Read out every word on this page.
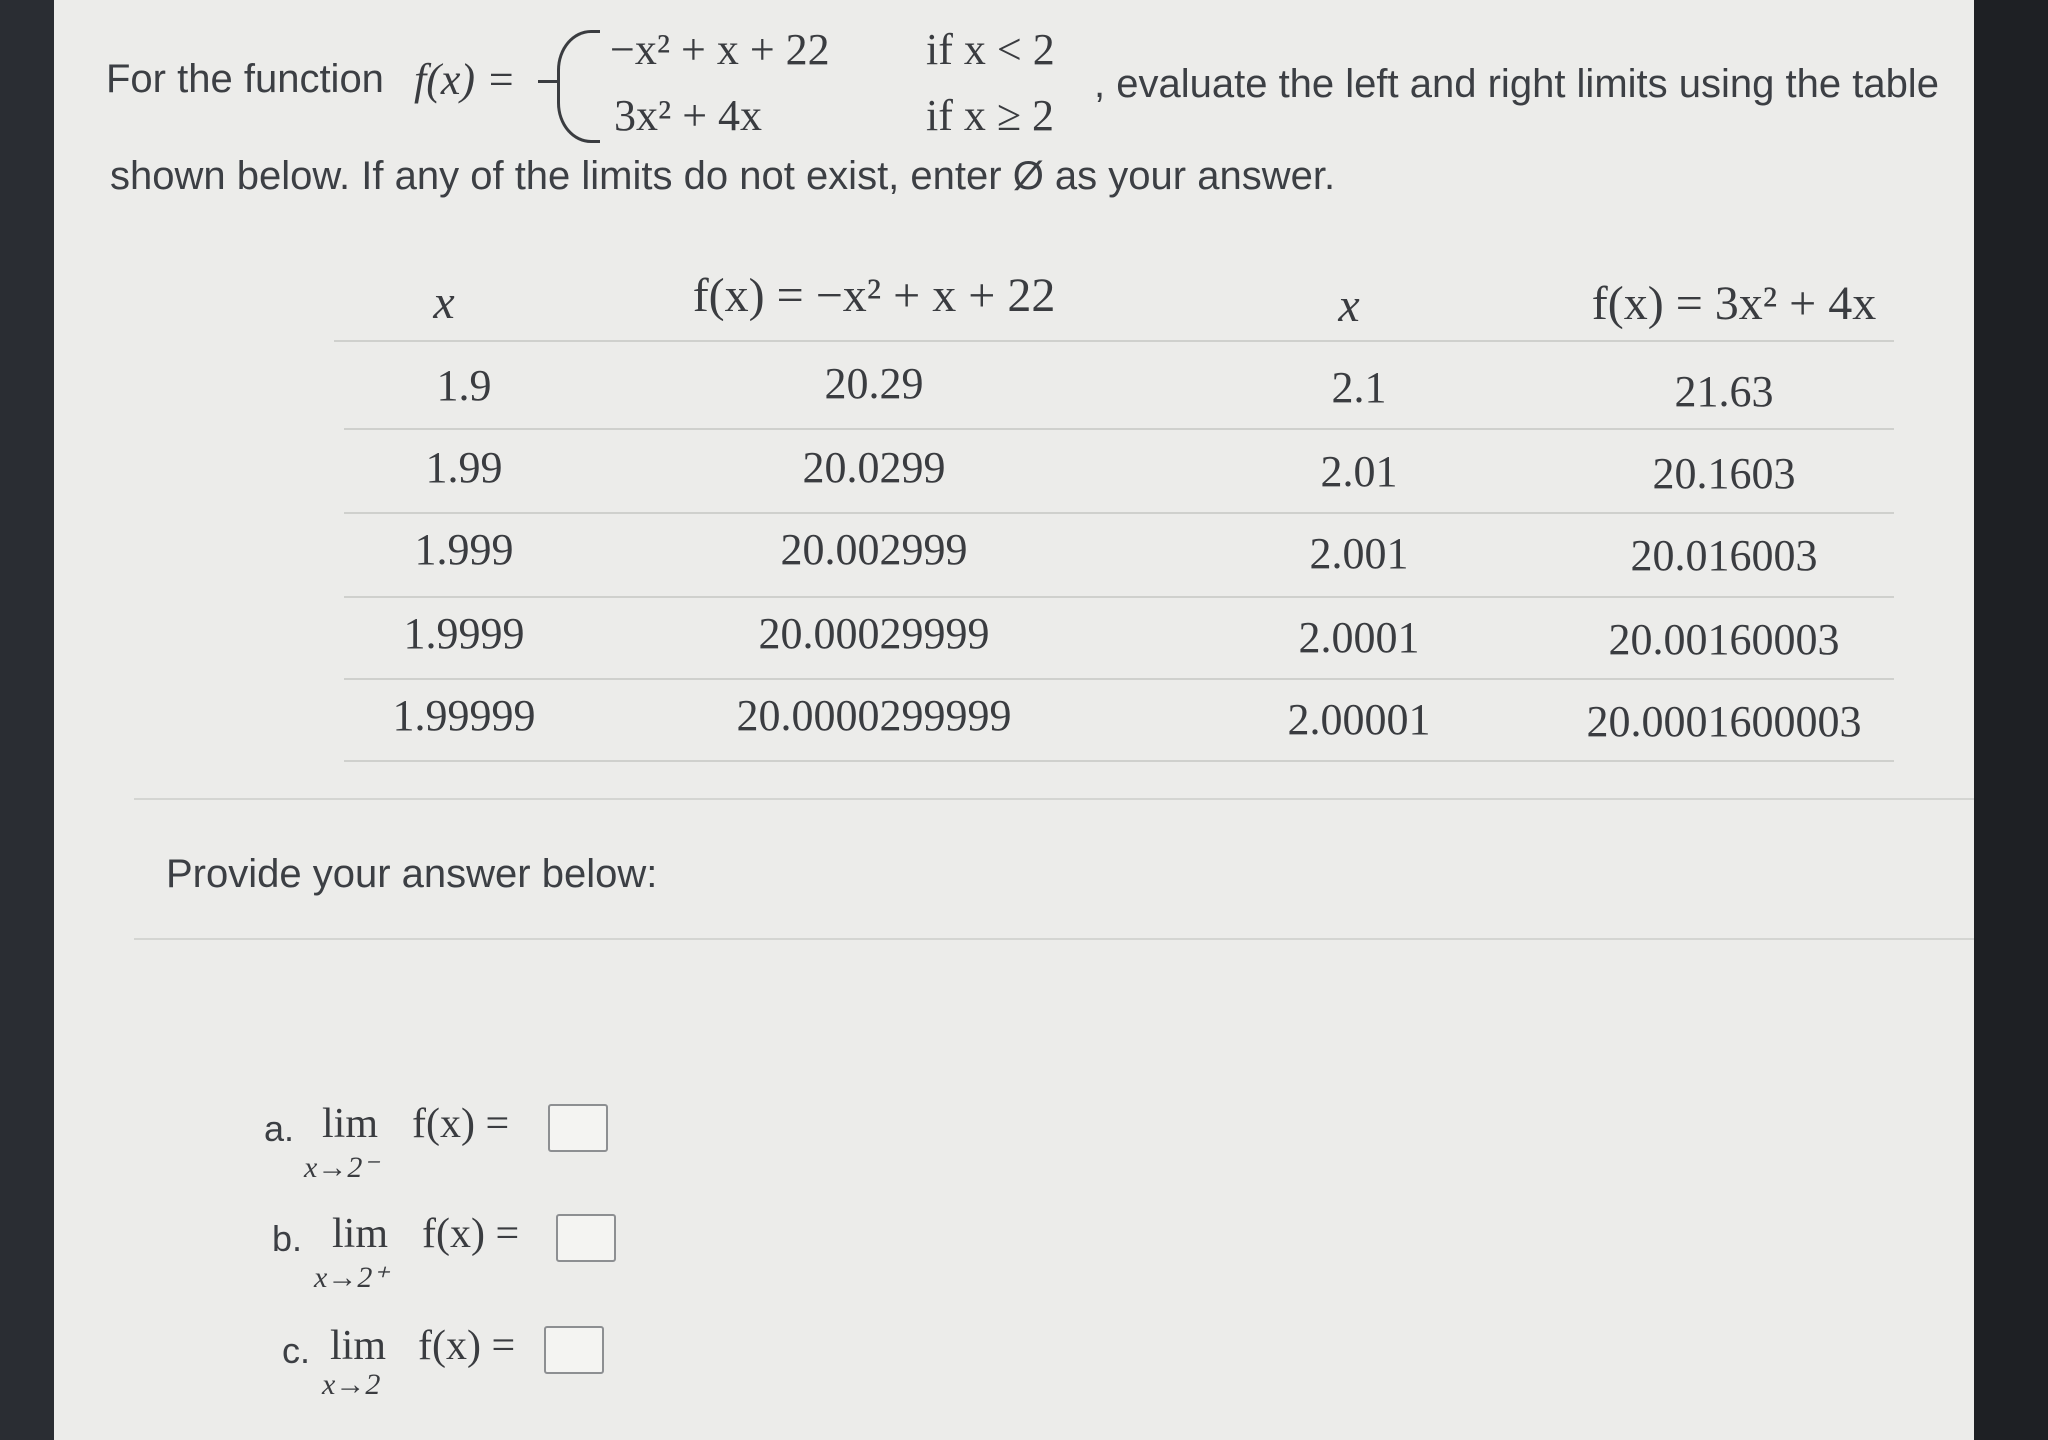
For the function f(x) =
−x² + x + 22 if x < 2
3x² + 4x	if x ≥ 2
, evaluate the left and right limits using the table
shown below. If any of the limits do not exist, enter Ø as your answer.
x	f(x) = −x² + x + 22	x	f(x) = 3x² + 4x
1.9	20.29	2.1	21.63
1.99	20.0299	2.01	20.1603
1.999	20.002999	2.001	20.016003
1.9999	20.00029999	2.0001	20.00160003
1.99999	20.0000299999	2.00001	20.0001600003
Provide your answer below:
a. lim f(x) =
x→2⁻
b. lim f(x) =
x→2⁺
c. lim f(x) =
x→2
